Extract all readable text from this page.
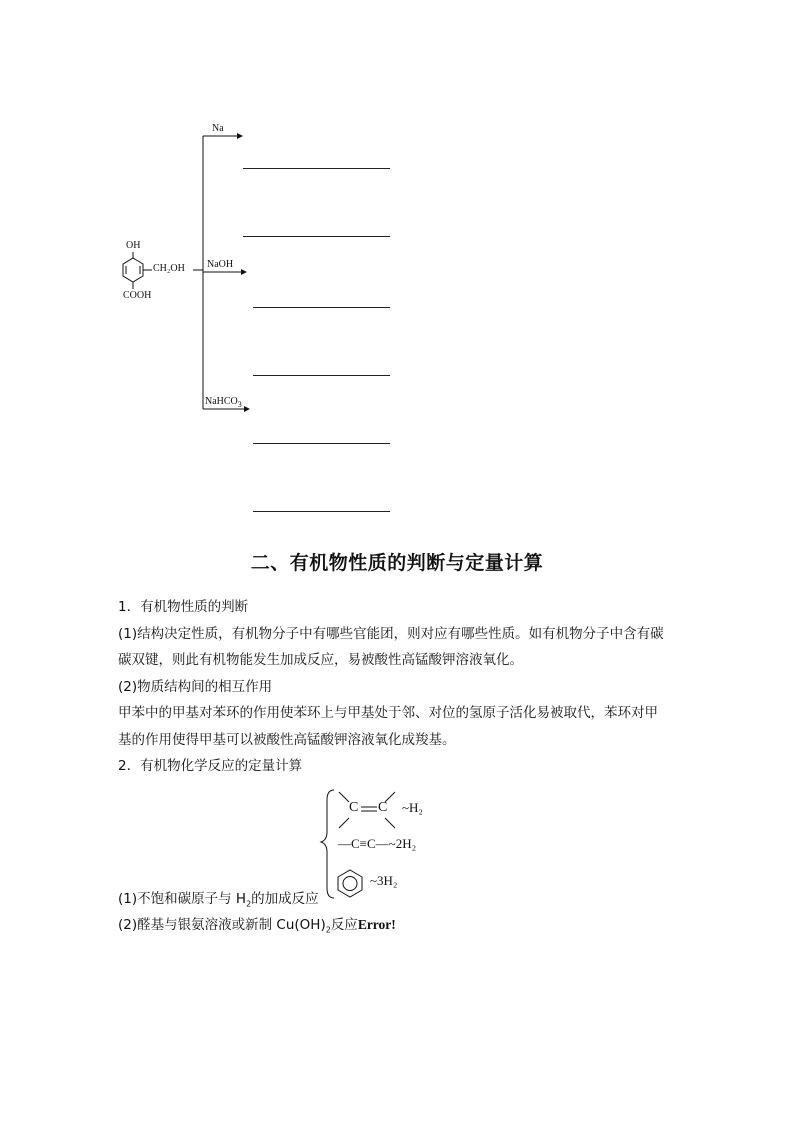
OH
CH₂OH
COOH
Na
NaOH
NaHCO$_3$
二、有机物性质的判断与定量计算
1．有机物性质的判断
(1)结构决定性质，有机物分子中有哪些官能团，则对应有哪些性质。如有机物分子中含有碳
碳双键，则此有机物能发生加成反应，易被酸性高锰酸钾溶液氧化。
(2)物质结构间的相互作用
甲苯中的甲基对苯环的作用使苯环上与甲基处于邻、对位的氢原子活化易被取代，苯环对甲
基的作用使得甲基可以被酸性高锰酸钾溶液氧化成羧基。
2．有机物化学反应的定量计算
C C ~H₂
—C≡C—~2H₂
~3H₂
(1)不饱和碳原子与 $H_2$的加成反应
(2)醛基与银氨溶液或新制 $Cu(OH)_2$反应Error!
